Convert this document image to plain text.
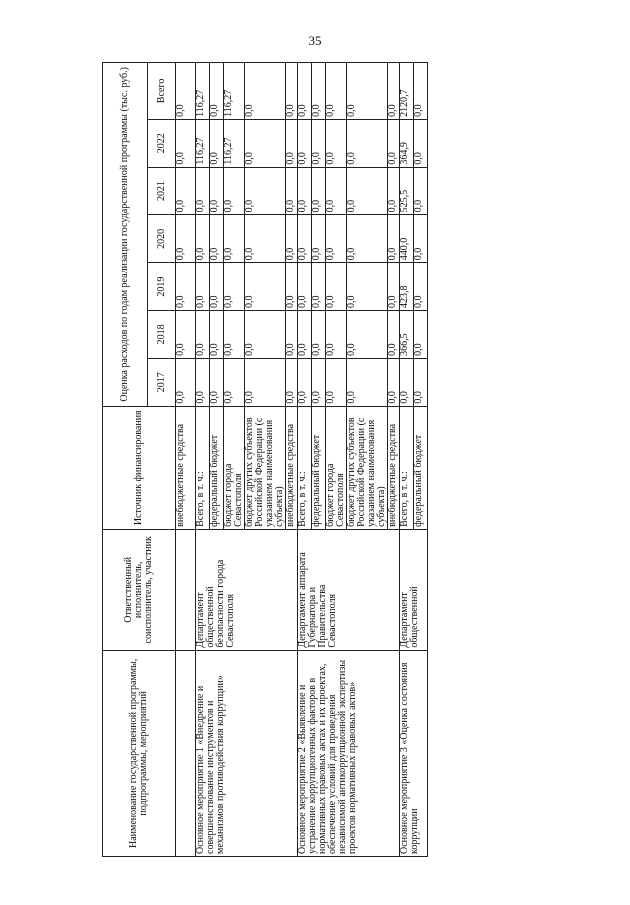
35
Наименование государственной программы, подпрограммы, мероприятий	Ответственный исполнитель, соисполнитель, участник	Источник финансирования	Оценка расходов по годам реализации государственной программы (тыс. руб.)						
			2017	2018	2019	2020	2021	2022	Всего
		внебюджетные средства	0,0	0,0	0,0	0,0	0,0	0,0	0,0
Основное мероприятие 1 «Внедрение и совершенствование инструментов и механизмов противодействия коррупции»	Департамент общественной безопасности города Севастополя	Всего, в т. ч.:	0,0	0,0	0,0	0,0	0,0	116,27	116,27
		федеральный бюджет	0,0	0,0	0,0	0,0	0,0	0,0	0,0
		бюджет города Севастополя	0,0	0,0	0,0	0,0	0,0	116,27	116,27
		бюджет других субъектов Российской Федерации (с указанием наименования субъекта)	0,0	0,0	0,0	0,0	0,0	0,0	0,0
		внебюджетные средства	0,0	0,0	0,0	0,0	0,0	0,0	0,0
Основное мероприятие 2 «Выявление и устранение коррупциогенных факторов в нормативных правовых актах и их проектах, обеспечение условий для проведения независимой антикоррупционной экспертизы проектов нормативных правовых актов»	Департамент аппарата Губернатора и Правительства Севастополя	Всего, в т. ч.:	0,0	0,0	0,0	0,0	0,0	0,0	0,0
		федеральный бюджет	0,0	0,0	0,0	0,0	0,0	0,0	0,0
		бюджет города Севастополя	0,0	0,0	0,0	0,0	0,0	0,0	0,0
		бюджет других субъектов Российской Федерации (с указанием наименования субъекта)	0,0	0,0	0,0	0,0	0,0	0,0	0,0
		внебюджетные средства	0,0	0,0	0,0	0,0	0,0	0,0	0,0
Основное мероприятие 3 «Оценка состояния коррупции	Департамент общественной	Всего, в т. ч.:	0,0	366,5	423,8	440,0	525,5	364,9	2120,7
		федеральный бюджет	0,0	0,0	0,0	0,0	0,0	0,0	0,0
